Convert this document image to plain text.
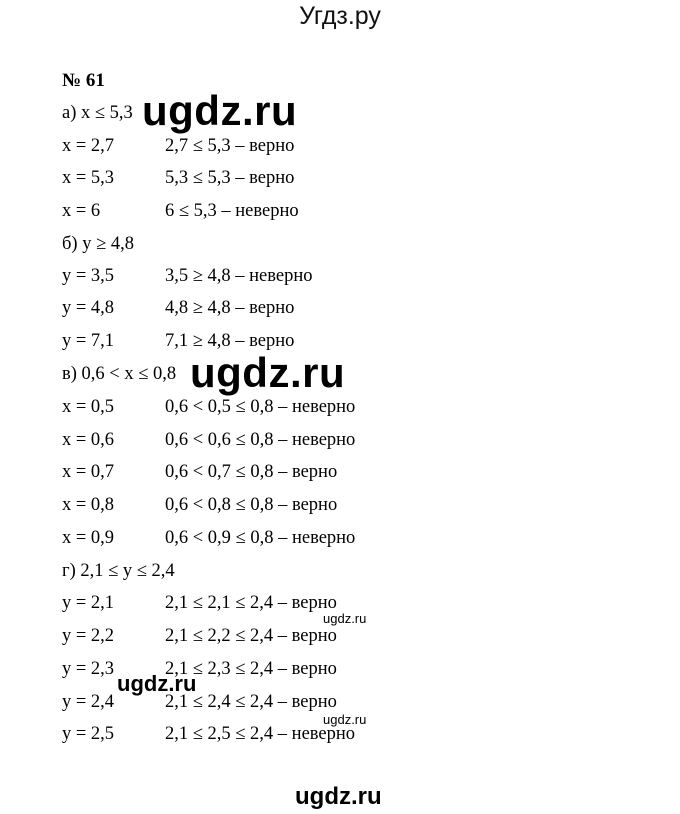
Угдз.ру
№ 61
а) x ≤ 5,3
x = 2,7	2,7 ≤ 5,3 – верно
x = 5,3	5,3 ≤ 5,3 – верно
x = 6	6 ≤ 5,3 – неверно
б) y ≥ 4,8
y = 3,5	3,5 ≥ 4,8 – неверно
y = 4,8	4,8 ≥ 4,8 – верно
y = 7,1	7,1 ≥ 4,8 – верно
в) 0,6 < x ≤ 0,8
x = 0,5	0,6 < 0,5 ≤ 0,8 – неверно
x = 0,6	0,6 < 0,6 ≤ 0,8 – неверно
x = 0,7	0,6 < 0,7 ≤ 0,8 – верно
x = 0,8	0,6 < 0,8 ≤ 0,8 – верно
x = 0,9	0,6 < 0,9 ≤ 0,8 – неверно
г) 2,1 ≤ y ≤ 2,4
y = 2,1	2,1 ≤ 2,1 ≤ 2,4 – верно
y = 2,2	2,1 ≤ 2,2 ≤ 2,4 – верно
y = 2,3	2,1 ≤ 2,3 ≤ 2,4 – верно
y = 2,4	2,1 ≤ 2,4 ≤ 2,4 – верно
y = 2,5	2,1 ≤ 2,5 ≤ 2,4 – неверно
ugdz.ru
ugdz.ru
ugdz.ru
ugdz.ru
ugdz.ru
ugdz.ru
